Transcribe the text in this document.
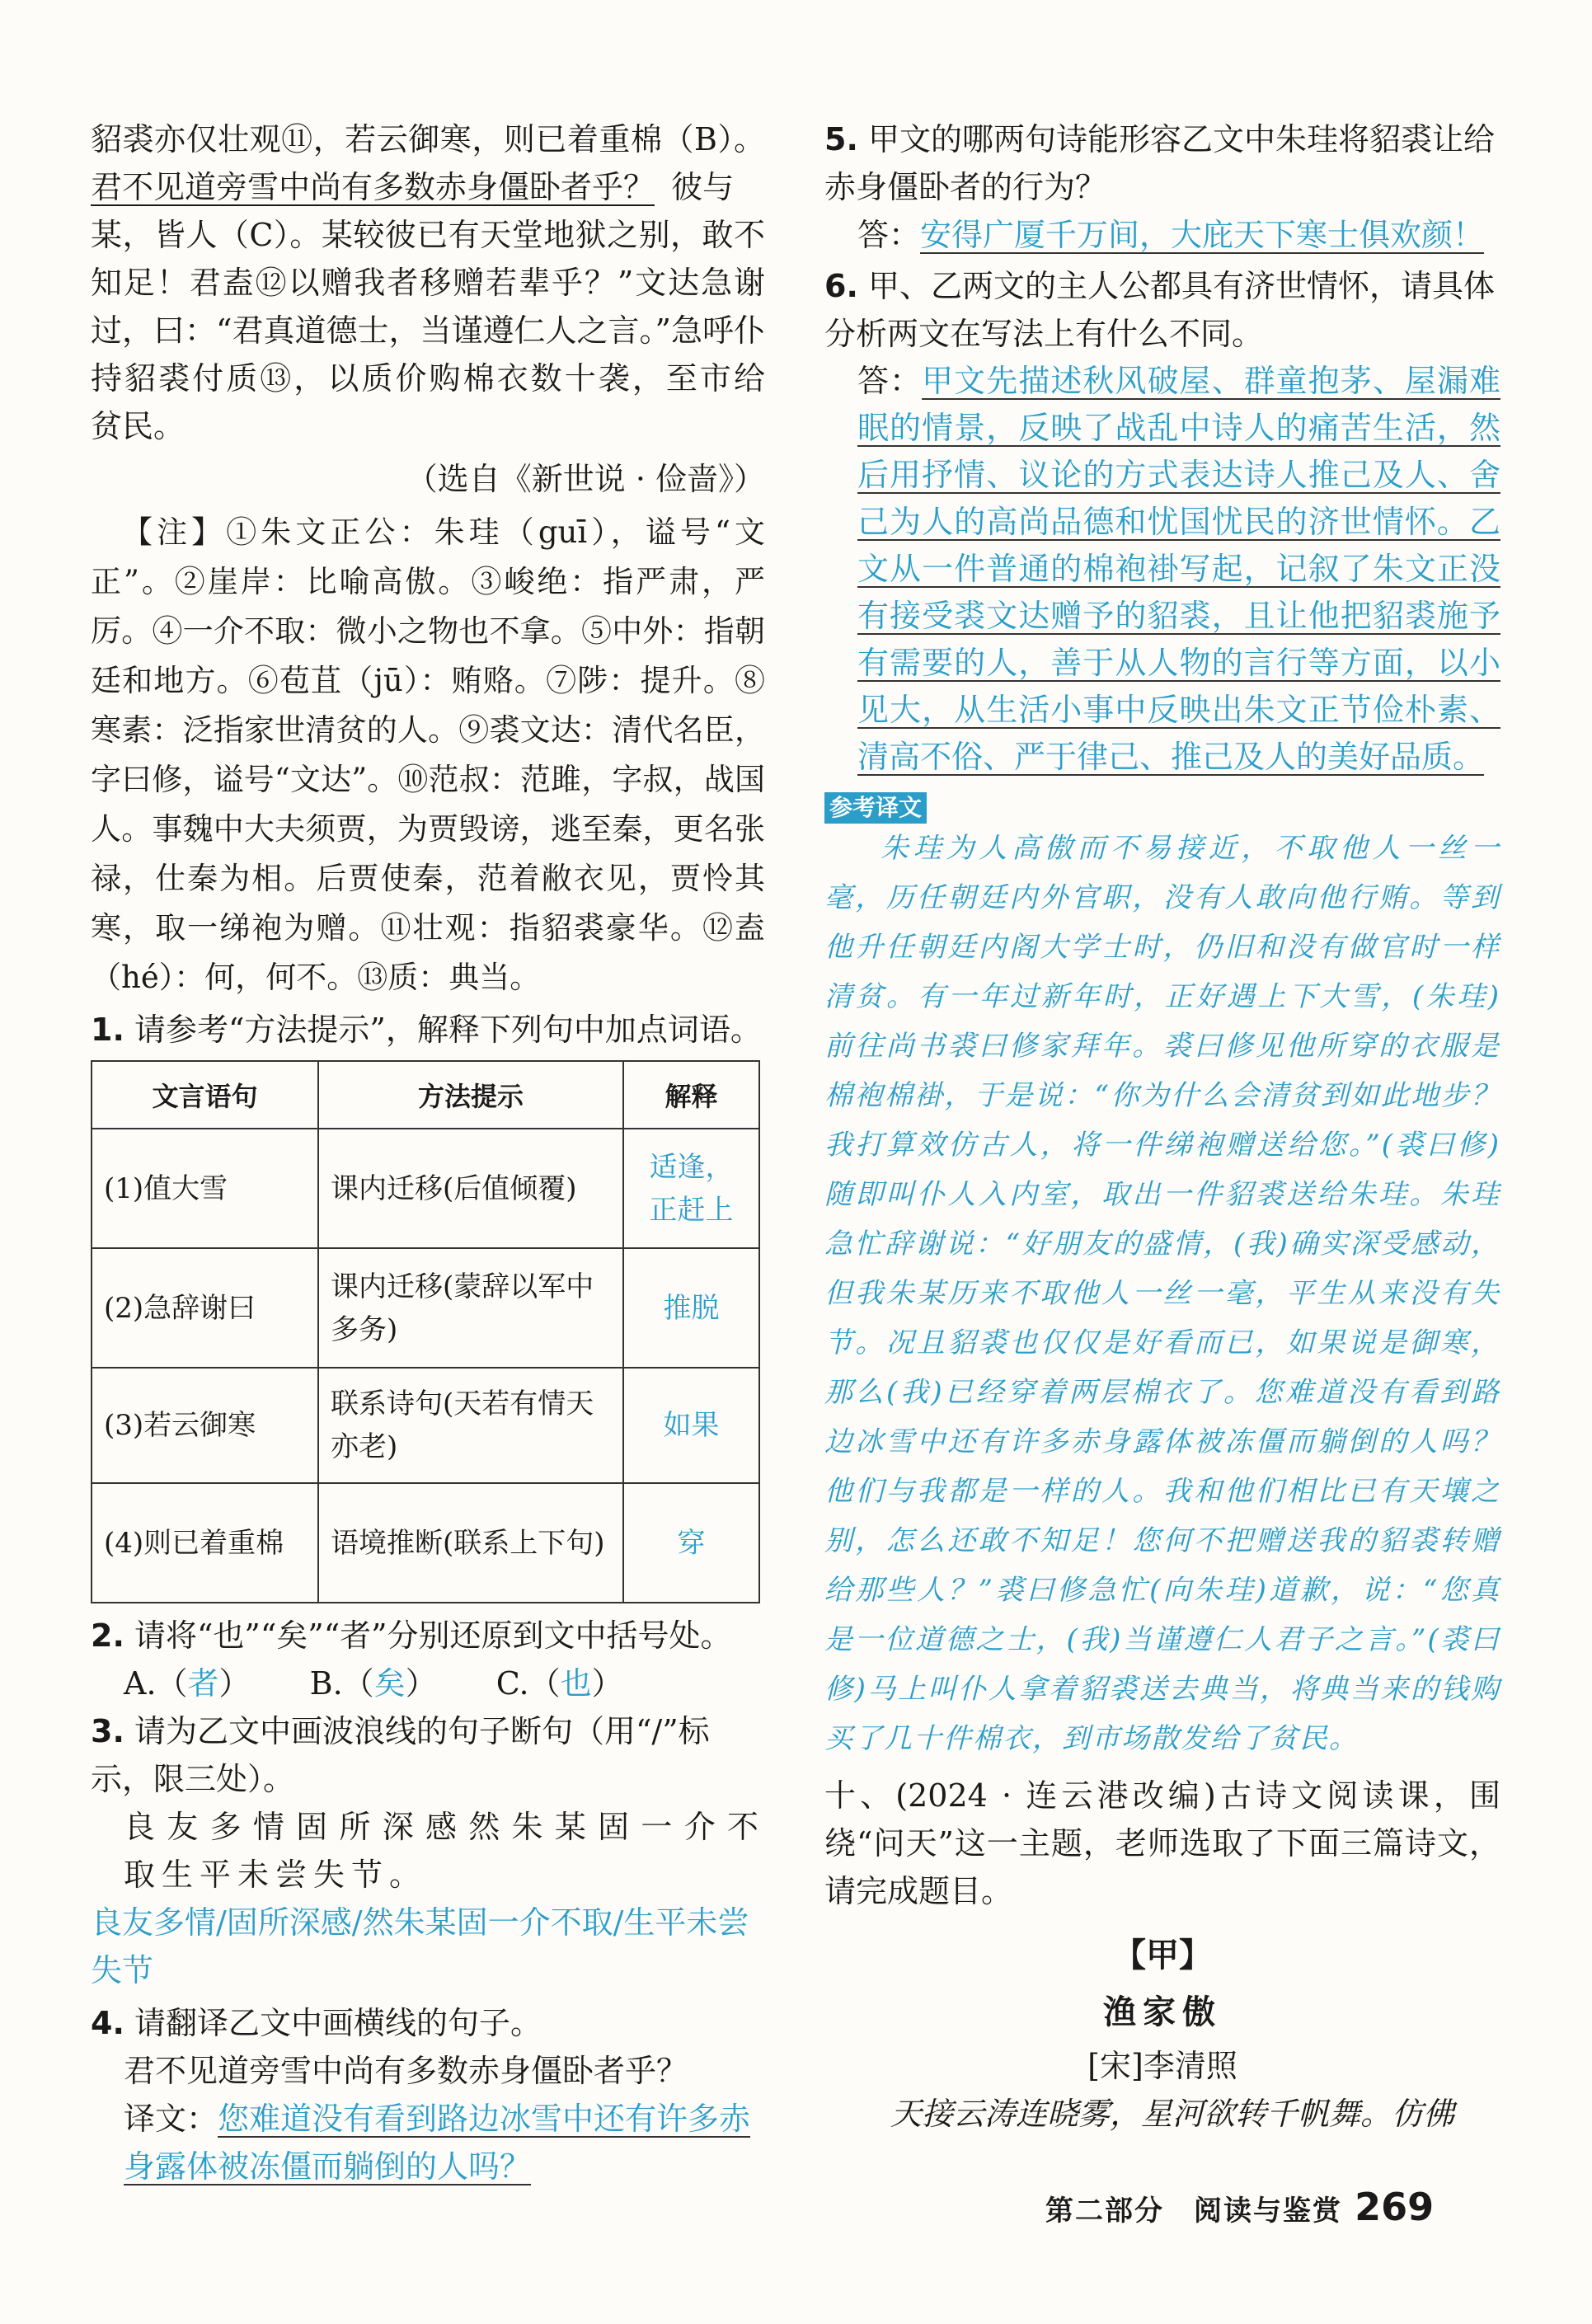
貂裘亦仅壮观⑪，若云御寒，则已着重棉（B）。
君不见道旁雪中尚有多数赤身僵卧者乎？ 彼与
某，皆人（C）。某较彼已有天堂地狱之别，敢不
知足！君盍⑫以赠我者移赠若辈乎？”文达急谢
过，曰：“君真道德士，当谨遵仁人之言。”急呼仆
持貂裘付质⑬，以质价购棉衣数十袭，至市给
贫民。
（选自《新世说 · 俭啬》）
【注】①朱文正公：朱珪（guī），谥号“文正”。②崖岸：比喻高傲。③峻绝：指严肃，严厉。④一介不取：微小之物也不拿。⑤中外：指朝廷和地方。⑥苞苴（jū）：贿赂。⑦陟：提升。⑧寒素：泛指家世清贫的人。⑨裘文达：清代名臣，字曰修，谥号“文达”。⑩范叔：范雎，字叔，战国人。事魏中大夫须贾，为贾毁谤，逃至秦，更名张禄，仕秦为相。后贾使秦，范着敝衣见，贾怜其寒，取一绨袍为赠。⑪壮观：指貂裘豪华。⑫盍（hé）：何，何不。⑬质：典当。
1. 请参考“方法提示”，解释下列句中加点词语。
文言语句	方法提示	解释
(1)值大雪	课内迁移(后值倾覆)	适逢，正赶上
(2)急辞谢曰	课内迁移(蒙辞以军中多务)	推脱
(3)若云御寒	联系诗句(天若有情天亦老)	如果
(4)则已着重棉	语境推断(联系上下句)	穿
2. 请将“也”“矣”“者”分别还原到文中括号处。
A.（者） B.（矣） C.（也）
3. 请为乙文中画波浪线的句子断句（用“/”标示，限三处）。
良友多情固所深感然朱某固一介不
取生平未尝失节。
良友多情/固所深感/然朱某固一介不取/生平未尝失节
4. 请翻译乙文中画横线的句子。
君不见道旁雪中尚有多数赤身僵卧者乎？
译文：您难道没有看到路边冰雪中还有许多赤身露体被冻僵而躺倒的人吗？
5. 甲文的哪两句诗能形容乙文中朱珪将貂裘让给赤身僵卧者的行为？
答：安得广厦千万间，大庇天下寒士俱欢颜！
6. 甲、乙两文的主人公都具有济世情怀，请具体分析两文在写法上有什么不同。
答：甲文先描述秋风破屋、群童抱茅、屋漏难眠的情景，反映了战乱中诗人的痛苦生活，然后用抒情、议论的方式表达诗人推己及人、舍己为人的高尚品德和忧国忧民的济世情怀。乙文从一件普通的棉袍褂写起，记叙了朱文正没有接受裘文达赠予的貂裘，且让他把貂裘施予有需要的人，善于从人物的言行等方面，以小见大，从生活小事中反映出朱文正节俭朴素、清高不俗、严于律己、推己及人的美好品质。
参考译文
朱珪为人高傲而不易接近，不取他人一丝一毫，历任朝廷内外官职，没有人敢向他行贿。等到他升任朝廷内阁大学士时，仍旧和没有做官时一样清贫。有一年过新年时，正好遇上下大雪，(朱珪)前往尚书裘曰修家拜年。裘曰修见他所穿的衣服是棉袍棉褂，于是说：“你为什么会清贫到如此地步？我打算效仿古人，将一件绨袍赠送给您。”(裘曰修)随即叫仆人入内室，取出一件貂裘送给朱珪。朱珪急忙辞谢说：“好朋友的盛情，(我)确实深受感动，但我朱某历来不取他人一丝一毫，平生从来没有失节。况且貂裘也仅仅是好看而已，如果说是御寒，那么(我)已经穿着两层棉衣了。您难道没有看到路边冰雪中还有许多赤身露体被冻僵而躺倒的人吗？他们与我都是一样的人。我和他们相比已有天壤之别，怎么还敢不知足！您何不把赠送我的貂裘转赠给那些人？”裘曰修急忙(向朱珪)道歉，说：“您真是一位道德之士，(我)当谨遵仁人君子之言。”(裘曰修)马上叫仆人拿着貂裘送去典当，将典当来的钱购买了几十件棉衣，到市场散发给了贫民。
十、(2024 · 连云港改编)古诗文阅读课，围绕“问天”这一主题，老师选取了下面三篇诗文，请完成题目。
【甲】
渔家傲
[宋]李清照
天接云涛连晓雾，星河欲转千帆舞。仿佛
第二部分　阅读与鉴赏 269
